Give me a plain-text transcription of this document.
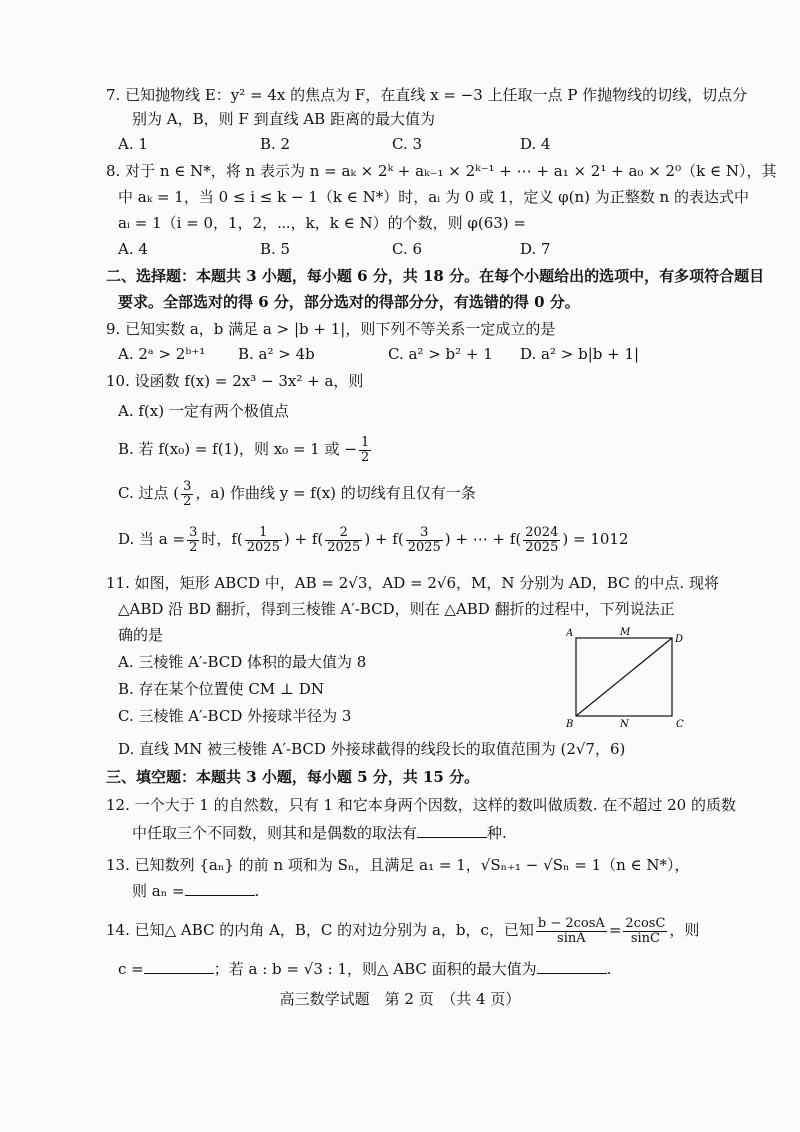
7. 已知抛物线 E：y² = 4x 的焦点为 F，在直线 x = −3 上任取一点 P 作抛物线的切线，切点分
别为 A，B，则 F 到直线 AB 距离的最大值为
A. 1	B. 2	C. 3	D. 4
8. 对于 n ∈ N*，将 n 表示为 n = aₖ × 2ᵏ + aₖ₋₁ × 2ᵏ⁻¹ + ⋯ + a₁ × 2¹ + a₀ × 2⁰（k ∈ N），其
中 aₖ = 1，当 0 ≤ i ≤ k − 1（k ∈ N*）时，aᵢ 为 0 或 1，定义 φ(n) 为正整数 n 的表达式中
aᵢ = 1（i = 0，1，2，⋯，k，k ∈ N）的个数，则 φ(63) =
A. 4	B. 5	C. 6	D. 7
二、选择题：本题共 3 小题，每小题 6 分，共 18 分。在每个小题给出的选项中，有多项符合题目
要求。全部选对的得 6 分，部分选对的得部分分，有选错的得 0 分。
9. 已知实数 a，b 满足 a > |b + 1|，则下列不等关系一定成立的是
A. 2ᵃ > 2ᵇ⁺¹ B. a² > 4b	C. a² > b² + 1 D. a² > b|b + 1|
10. 设函数 f(x) = 2x³ − 3x² + a，则
A. f(x) 一定有两个极值点
B. 若 f(x₀) = f(1)，则 x₀ = 1 或 − $\frac{1}{2}$
C. 过点 ( $\frac{3}{2}$ ，a) 作曲线 y = f(x) 的切线有且仅有一条
D. 当 $a = \frac{3}{2}$ 时，$f( \frac{1}{2025}$ ) + $f( \frac{2}{2025}$ ) + $f( \frac{3}{2025}$ ) + ⋯ + $f( \frac{2024}{2025}$ ) = 1012
11. 如图，矩形 ABCD 中，AB = 2√3，AD = 2√6，M，N 分别为 AD，BC 的中点. 现将
△ABD 沿 BD 翻折，得到三棱锥 A′-BCD，则在 △ABD 翻折的过程中，下列说法正
确的是
A. 三棱锥 A′-BCD 体积的最大值为 8
B. 存在某个位置使 CM ⊥ DN
C. 三棱锥 A′-BCD 外接球半径为 3
D. 直线 MN 被三棱锥 A′-BCD 外接球截得的线段长的取值范围为 (2√7，6)
A	M
D
B	N	C
三、填空题：本题共 3 小题，每小题 5 分，共 15 分。
12. 一个大于 1 的自然数，只有 1 和它本身两个因数，这样的数叫做质数. 在不超过 20 的质数
中任取三个不同数，则其和是偶数的取法有	种.
13. 已知数列 {aₙ} 的前 n 项和为 Sₙ，且满足 a₁ = 1，√Sₙ₊₁ − √Sₙ = 1（n ∈ N*），
则 aₙ =	.
14. 已知△ ABC 的内角 A，B，C 的对边分别为 a，b，c，已知 $\frac{b - 2\cos A}{\sin A} = \frac{2\cos C}{\sin C}$ ，则
c =	；若 a : b = √3 : 1，则△ ABC 面积的最大值为	.
高三数学试题　第 2 页　（共 4 页）
